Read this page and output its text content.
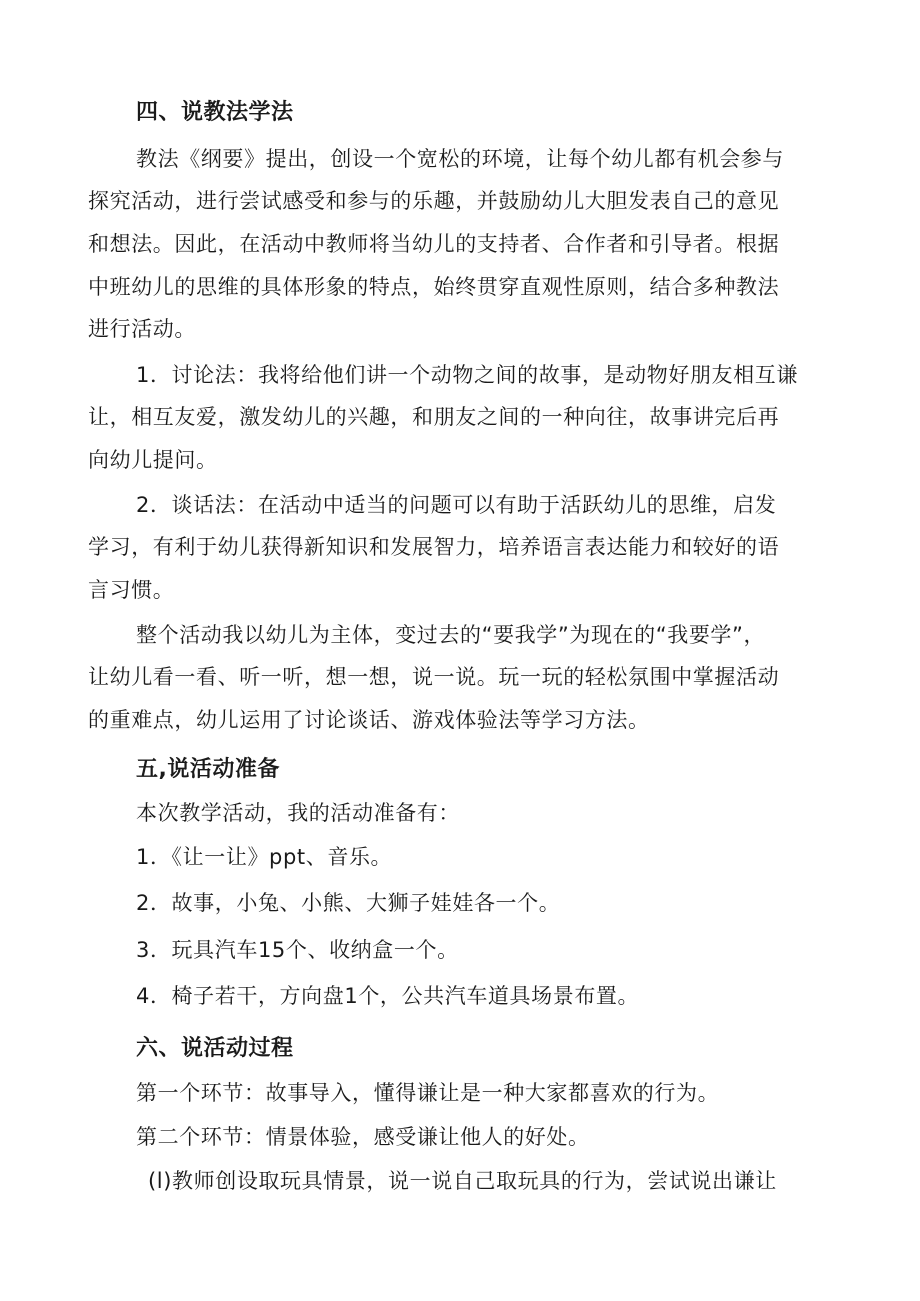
四、说教法学法
教法《纲要》提出，创设一个宽松的环境，让每个幼儿都有机会参与
探究活动，进行尝试感受和参与的乐趣，并鼓励幼儿大胆发表自己的意见
和想法。因此，在活动中教师将当幼儿的支持者、合作者和引导者。根据
中班幼儿的思维的具体形象的特点，始终贯穿直观性原则，结合多种教法
进行活动。
1．讨论法：我将给他们讲一个动物之间的故事，是动物好朋友相互谦
让，相互友爱，激发幼儿的兴趣，和朋友之间的一种向往，故事讲完后再
向幼儿提问。
2．谈话法：在活动中适当的问题可以有助于活跃幼儿的思维，启发
学习，有利于幼儿获得新知识和发展智力，培养语言表达能力和较好的语
言习惯。
整个活动我以幼儿为主体，变过去的“要我学”为现在的“我要学”，
让幼儿看一看、听一听，想一想，说一说。玩一玩的轻松氛围中掌握活动
的重难点，幼儿运用了讨论谈话、游戏体验法等学习方法。
五,说活动准备
本次教学活动，我的活动准备有：
1．《让一让》ppt、音乐。
2．故事，小兔、小熊、大狮子娃娃各一个。
3．玩具汽车15个、收纳盒一个。
4．椅子若干，方向盘1个，公共汽车道具场景布置。
六、说活动过程
第一个环节：故事导入，懂得谦让是一种大家都喜欢的行为。
第二个环节：情景体验，感受谦让他人的好处。
(l)教师创设取玩具情景，说一说自己取玩具的行为，尝试说出谦让
